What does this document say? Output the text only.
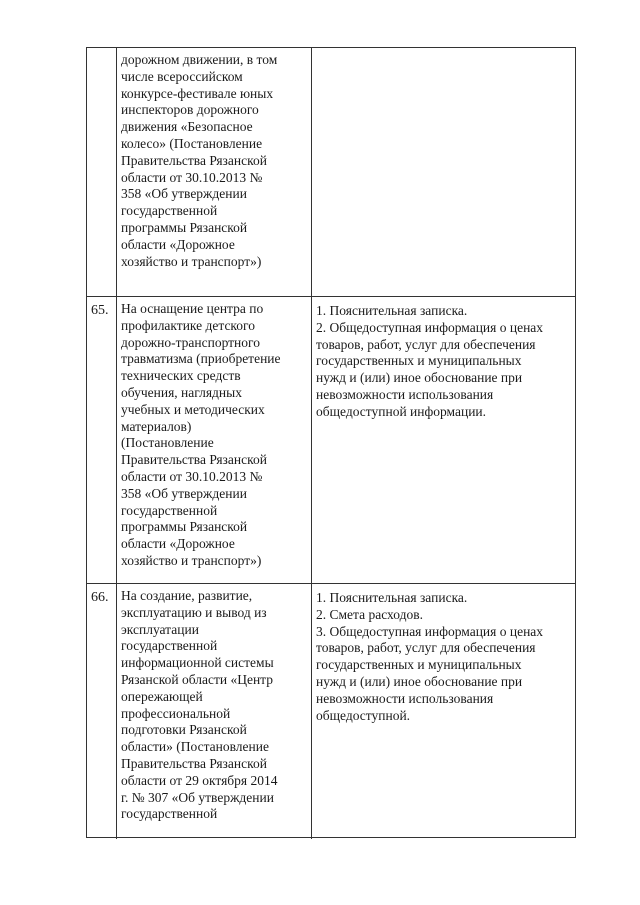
дорожном движении, в том
числе всероссийском
конкурсе-фестивале юных
инспекторов дорожного
движения «Безопасное
колесо» (Постановление
Правительства Рязанской
области от 30.10.2013 №
358 «Об утверждении
государственной
программы Рязанской
области «Дорожное
хозяйство и транспорт»)
65. На оснащение центра по
профилактике детского
дорожно-транспортного
травматизма (приобретение
технических средств
обучения, наглядных
учебных и методических
материалов)
(Постановление
Правительства Рязанской
области от 30.10.2013 №
358 «Об утверждении
государственной
программы Рязанской
области «Дорожное
хозяйство и транспорт»)
1. Пояснительная записка.
2. Общедоступная информация о ценах
товаров, работ, услуг для обеспечения
государственных и муниципальных
нужд и (или) иное обоснование при
невозможности использования
общедоступной информации.
66. На создание, развитие,
эксплуатацию и вывод из
эксплуатации
государственной
информационной системы
Рязанской области «Центр
опережающей
профессиональной
подготовки Рязанской
области» (Постановление
Правительства Рязанской
области от 29 октября 2014
г. № 307 «Об утверждении
государственной
1. Пояснительная записка.
2. Смета расходов.
3. Общедоступная информация о ценах
товаров, работ, услуг для обеспечения
государственных и муниципальных
нужд и (или) иное обоснование при
невозможности использования
общедоступной.
